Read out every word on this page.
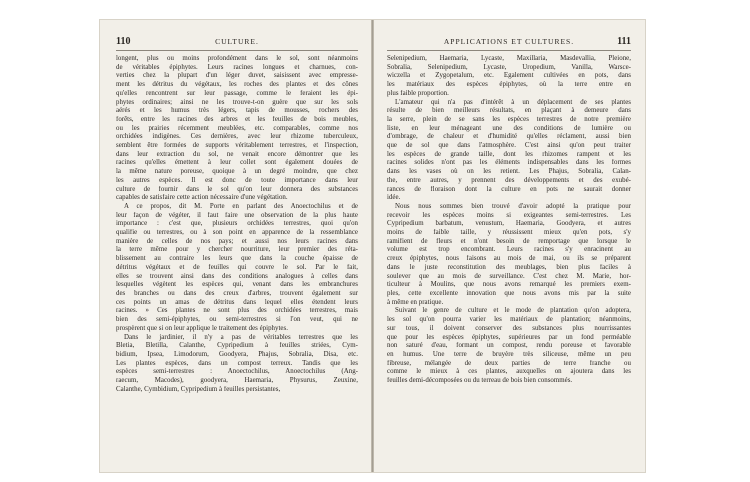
110	CULTURE.
longent, plus ou moins profondément dans le sol, sont néanmoins
de véritables épiphytes. Leurs racines longues et charnues, con-
verties chez la plupart d'un léger duvet, saisissent avec empresse-
ment les détritus du végétaux, les roches des plantes et des cônes
qu'elles rencontrent sur leur passage, comme le feraient les épi-
phytes ordinaires; ainsi ne les trouve-t-on guère que sur les sols
aérés et les humus très légers, tapis de mousses, rochers des
forêts, entre les racines des arbres et les feuilles de bois meubles,
ou les prairies récemment meublées, etc. comparables, comme nos
orchidées indigènes. Ces dernières, avec leur rhizome tuberculeux,
semblent être formées de supports véritablement terrestres, et l'inspection,
dans leur extraction du sol, ne venait encore démontrer que les
racines qu'elles émettent à leur collet sont également douées de
la même nature poreuse, quoique à un degré moindre, que chez
les autres espèces. Il est donc de toute importance dans leur
culture de fournir dans le sol qu'on leur donnera des substances
capables de satisfaire cette action nécessaire d'une végétation.
A ce propos, dit M. Porte en parlant des Anoectochilus et de
leur façon de végéter, il faut faire une observation de la plus haute
importance : c'est que, plusieurs orchidées terrestres, quoi qu'on
qualifie ou terrestres, ou à son point en apparence de la ressemblance
manière de celles de nos pays; et aussi nos leurs racines dans
la terre même pour y chercher nourriture, leur premier des réta-
blissement au contraire les leurs que dans la couche épaisse de
détritus végétaux et de feuilles qui couvre le sol. Par le fait,
elles se trouvent ainsi dans des conditions analogues à celles dans
lesquelles végètent les espèces qui, venant dans les embranchures
des branches ou dans des creux d'arbres, trouvent également sur
ces points un amas de détritus dans lequel elles étendent leurs
racines. » Ces plantes ne sont plus des orchidées terrestres, mais
bien des semi-épiphytes, ou semi-terrestres si l'on veut, qui ne
prospèrent que si on leur applique le traitement des épiphytes.
Dans le jardinier, il n'y a pas de véritables terrestres que les
Bletia, Bletilla, Calanthe, Cypripedium à feuilles striées, Cym-
bidium, Ipsea, Limodorum, Goodyera, Phajus, Sobralia, Disa, etc.
Les plantes espèces, dans un compost terreux. Tandis que les
espèces semi-terrestres : Anoectochilus, Anoectochilus (Ang-
raecum, Macodes), goodyera, Haemaria, Physurus, Zeuxine,
Calanthe, Cymbidium, Cypripedium à feuilles persistantes,
APPLICATIONS ET CULTURES.	111
Selenipedium, Haemaria, Lycaste, Maxillaria, Masdevallia, Pleione,
Sobralia, Selenipedium, Lycaste, Uropedium, Vanilla, Warsce-
wiczella et Zygopetalum, etc. Également cultivées en pots, dans
les matériaux des espèces épiphytes, où la terre entre en
plus faible proportion.
L'amateur qui n'a pas d'intérêt à un déplacement de ses plantes
résulte de bien meilleurs résultats, en plaçant à demeure dans
la serre, plein de se sans les espèces terrestres de notre première
liste, en leur ménageant une des conditions de lumière ou
d'ombrage, de chaleur et d'humidité qu'elles réclament, aussi bien
que de sol que dans l'atmosphère. C'est ainsi qu'on peut traiter
les espèces de grande taille, dont les rhizomes rampent et les
racines solides n'ont pas les éléments indispensables dans les formes
dans les vases où on les retient. Les Phajus, Sobralia, Calan-
the, entre autres, y prennent des développements et des exubé-
rances de floraison dont la culture en pots ne saurait donner
idée.
Nous nous sommes bien trouvé d'avoir adopté la pratique pour
recevoir les espèces moins si exigeantes semi-terrestres. Les
Cypripedium barbatum, venustum, Haemaria, Goodyera, et autres
moins de faible taille, y réussissent mieux qu'en pots, s'y
ramifient de fleurs et n'ont besoin de remportage que lorsque le
volume est trop encombrant. Leurs racines s'y enracinent au
creux épiphytes, nous faisons au mois de mai, ou ils se préparent
dans le juste reconstitution des meublages, bien plus faciles à
soulever que au mois de surveillance. C'est chez M. Marie, hor-
ticulteur à Moulins, que nous avons remarqué les premiers exem-
ples, cette excellente innovation que nous avons mis par la suite
à même en pratique.
Suivant le genre de culture et le mode de plantation qu'on adoptera,
les sol qu'on pourra varier les matériaux de plantation; néanmoins,
sur tous, il doivent conserver des substances plus nourrissantes
que pour les espèces épiphytes, supérieures par un fond perméable
non saturé d'eau, formant un compost, rendu poreuse et favorable
en humus. Une terre de bruyère très siliceuse, même un peu
fibreuse, mélangée de deux parties de terre franche ou
comme le mieux à ces plantes, auxquelles on ajoutera dans les
feuilles demi-décomposées ou du terreau de bois bien consommés.
